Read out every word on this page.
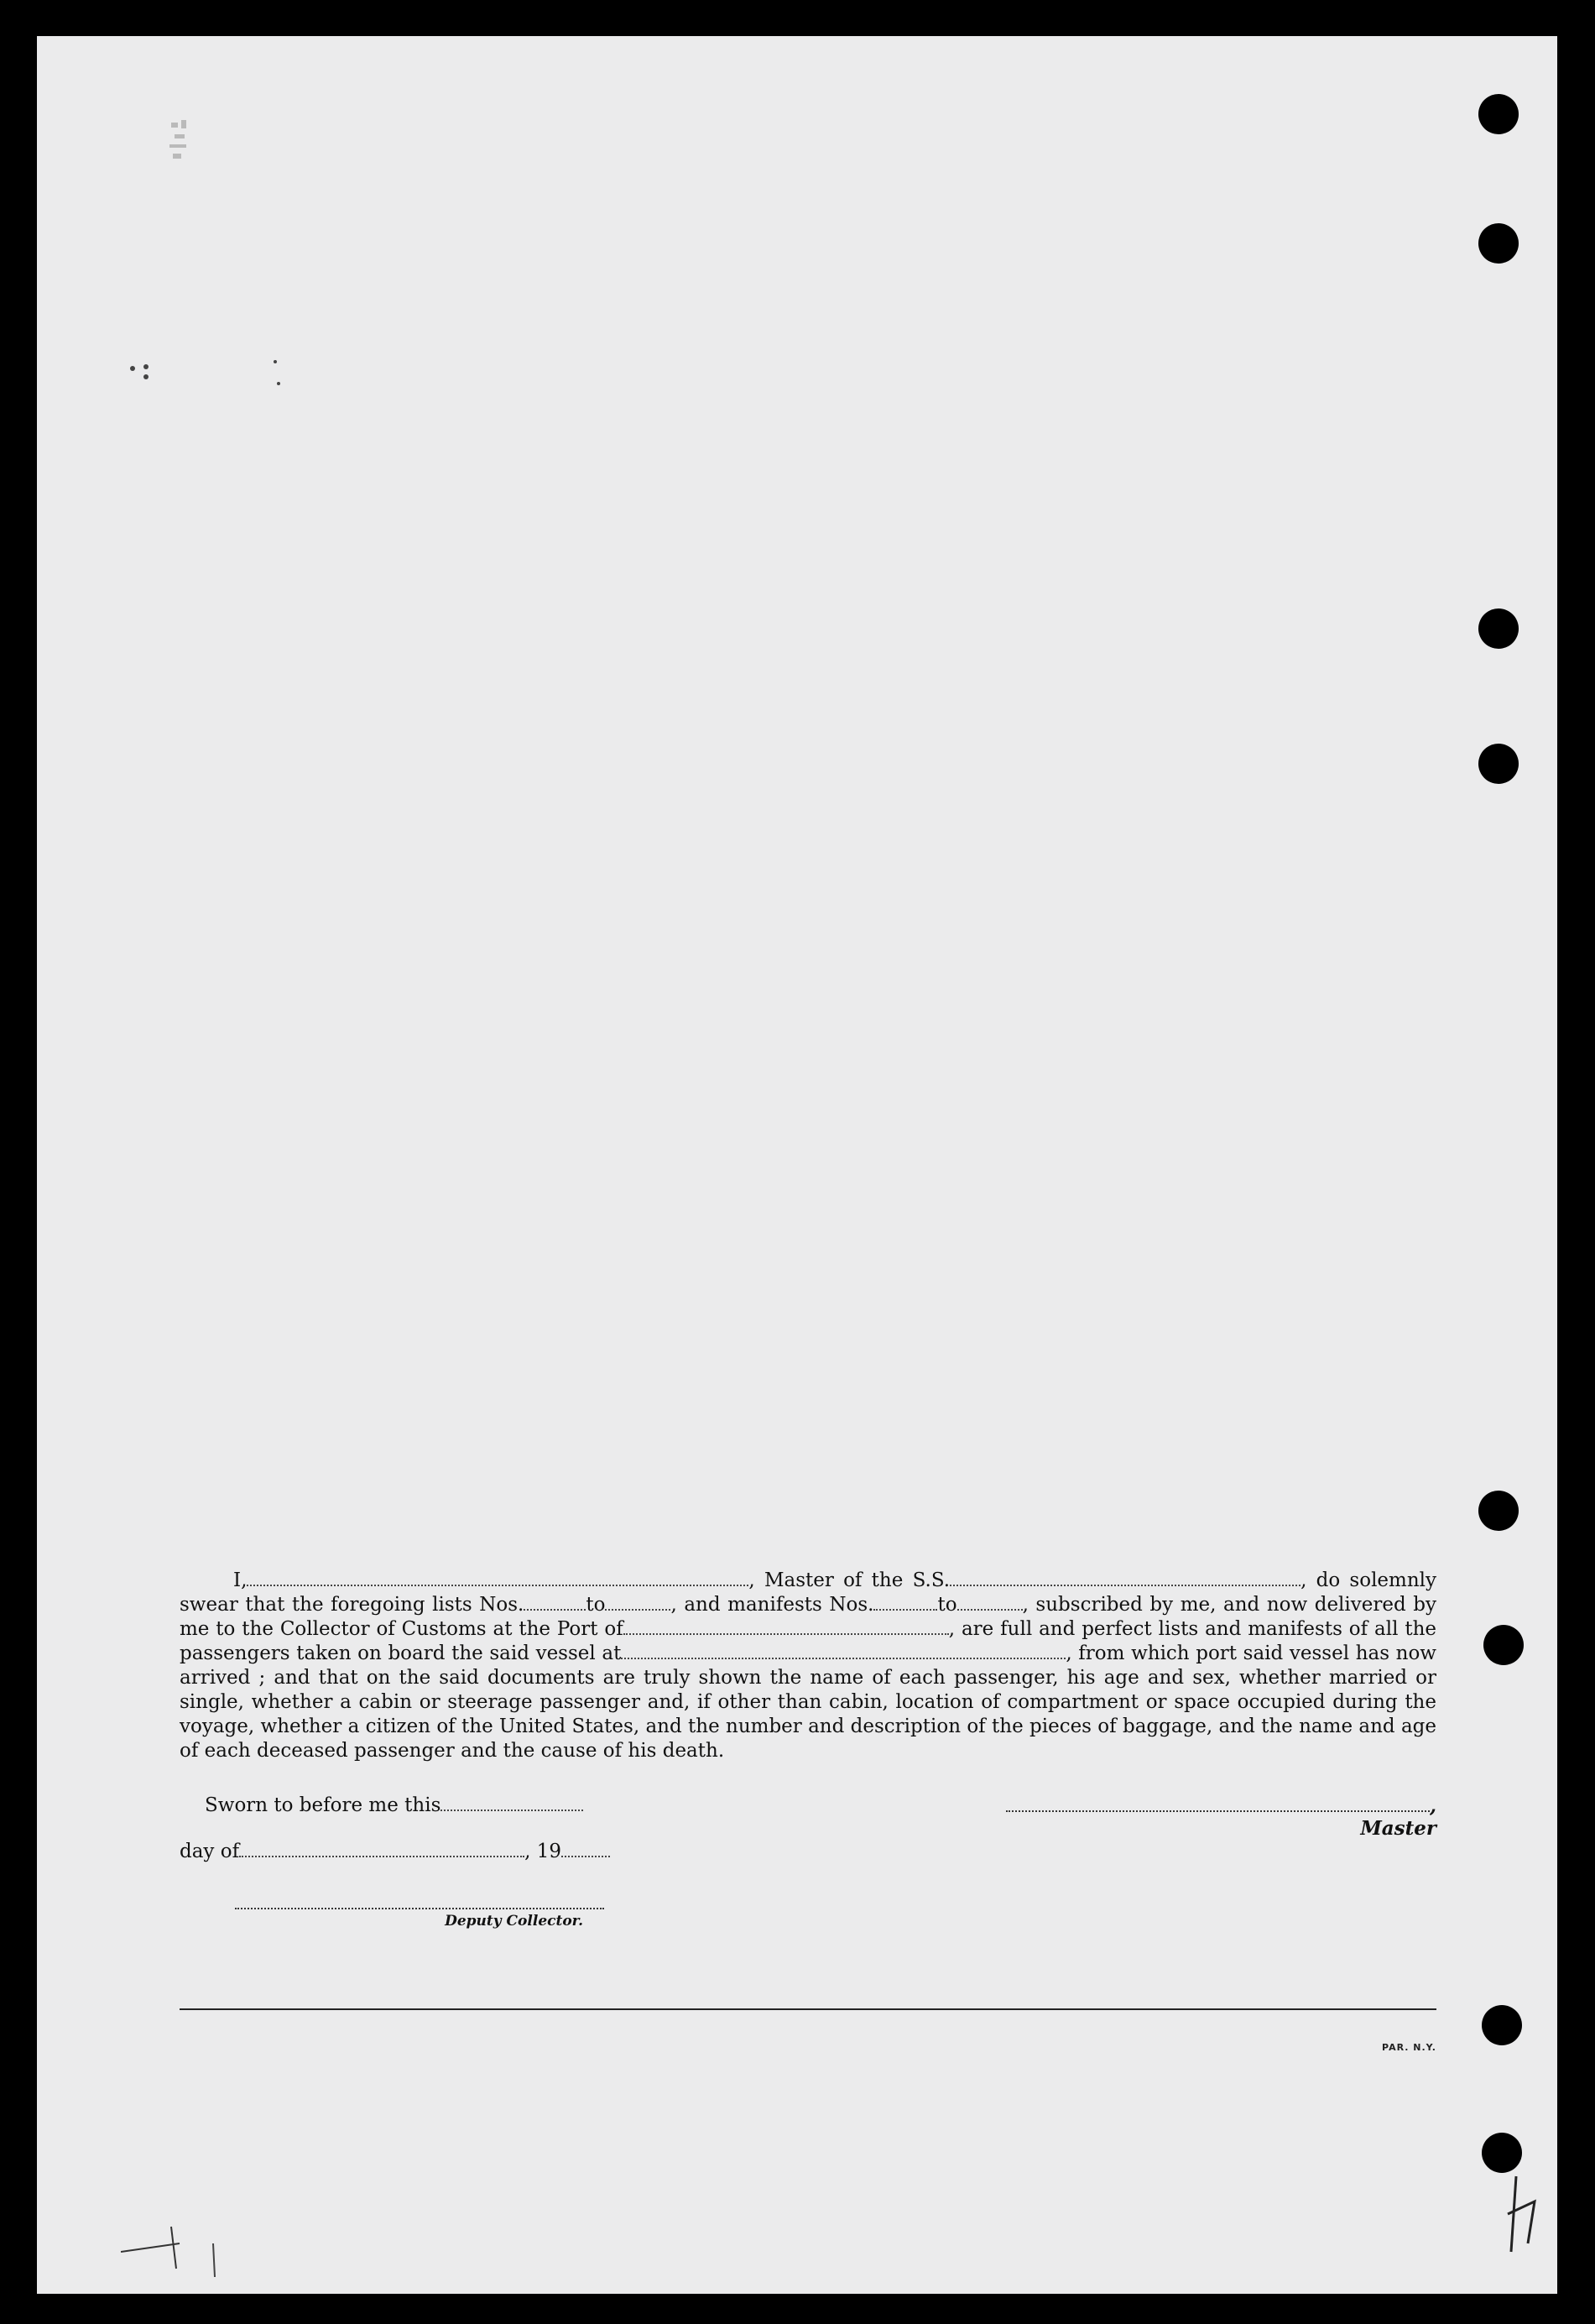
I,	, Master of the S.S.	, do solemnly swear that the foregoing lists Nos.	to	, and manifests Nos.	to	, subscribed by me, and now delivered by me to the Collector of Customs at the Port of	, are full and perfect lists and manifests of all the passengers taken on board the said vessel at	, from which port said vessel has now arrived ; and that on the said documents are truly shown the name of each passenger, his age and sex, whether married or single, whether a cabin or steerage passenger and, if other than cabin, location of compartment or space occupied during the voyage, whether a citizen of the United States, and the number and description of the pieces of baggage, and the name and age of each deceased passenger and the cause of his death.

Sworn to before me this	, Master
day of	, 19
Deputy Collector.
PAR. N.Y.
